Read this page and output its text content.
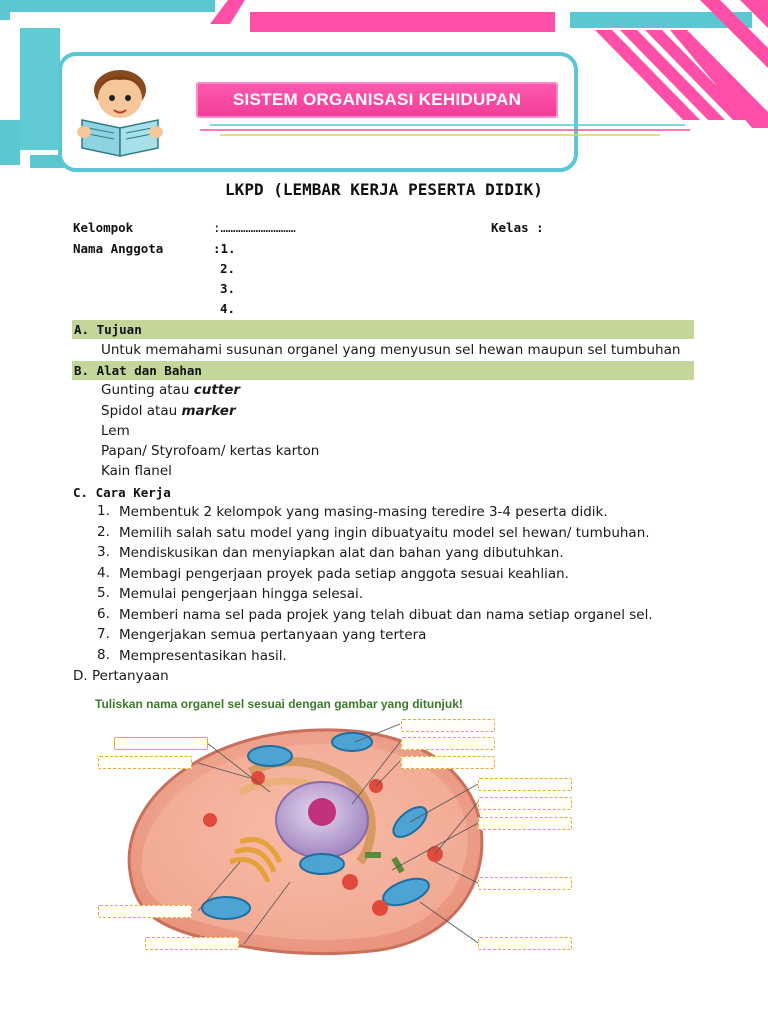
SISTEM ORGANISASI KEHIDUPAN
LKPD (LEMBAR KERJA PESERTA DIDIK)
Kelompok	:…………………………	Kelas :
Nama Anggota	:1.
2.
3.
4.
A. Tujuan
Untuk memahami susunan organel yang menyusun sel hewan maupun sel tumbuhan
B. Alat dan Bahan
Gunting atau cutter
Spidol atau marker
Lem
Papan/ Styrofoam/ kertas karton
Kain flanel
C. Cara Kerja
1. Membentuk 2 kelompok yang masing-masing teredire 3-4 peserta didik.
2. Memilih salah satu model yang ingin dibuatyaitu model sel hewan/ tumbuhan.
3. Mendiskusikan dan menyiapkan alat dan bahan yang dibutuhkan.
4. Membagi pengerjaan proyek pada setiap anggota sesuai keahlian.
5. Memulai pengerjaan hingga selesai.
6. Memberi nama sel pada projek yang telah dibuat dan nama setiap organel sel.
7. Mengerjakan semua pertanyaan yang tertera
8. Mempresentasikan hasil.
D. Pertanyaan
Tuliskan nama organel sel sesuai dengan gambar yang ditunjuk!
